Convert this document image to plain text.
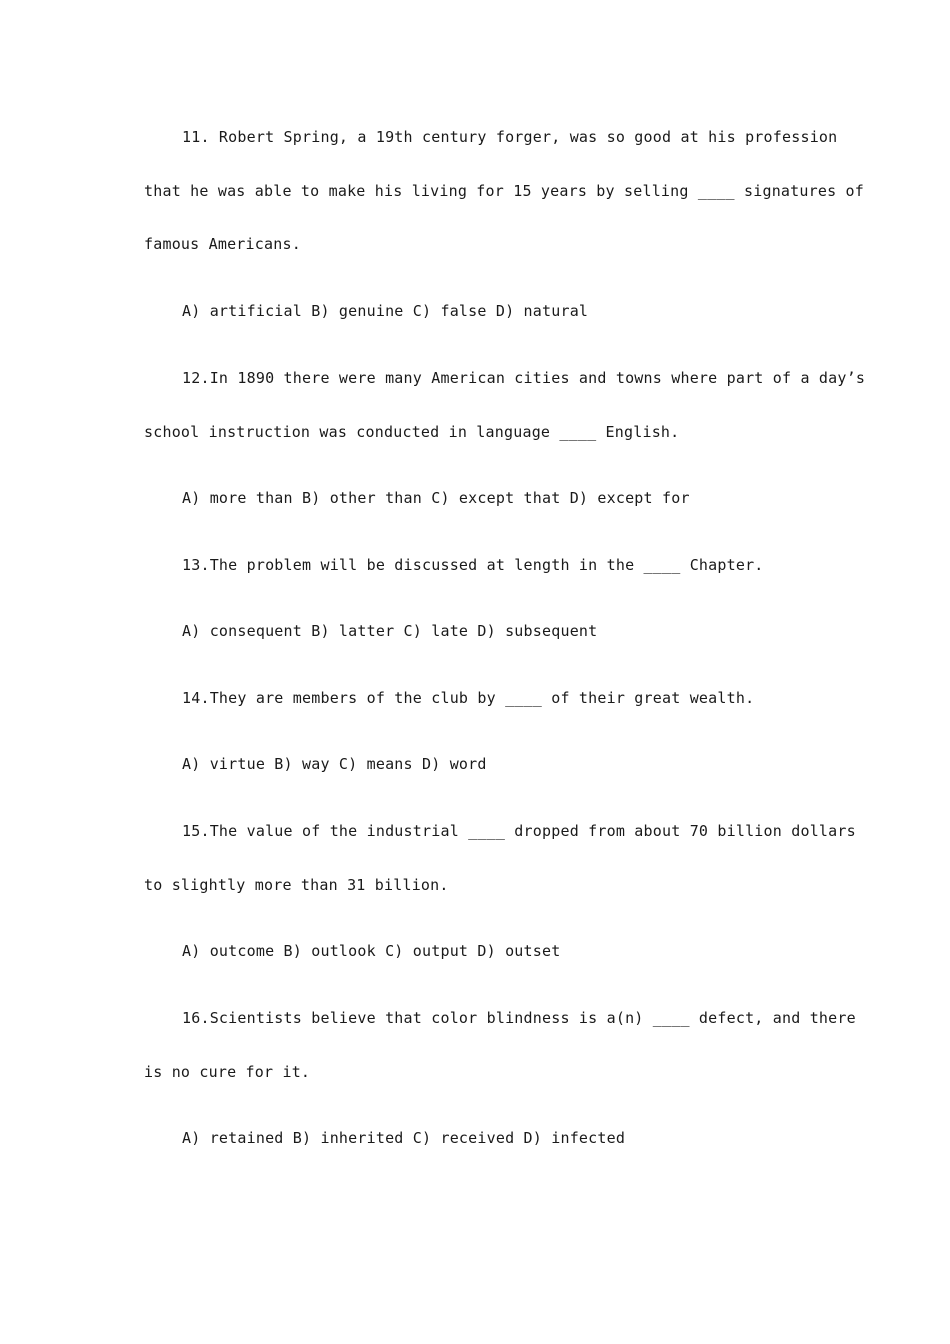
11. Robert Spring, a 19th century forger, was so good at his profession
that he was able to make his living for 15 years by selling ____ signatures of
famous Americans.
A) artificial B) genuine C) false D) natural
12.In 1890 there were many American cities and towns where part of a day’s
school instruction was conducted in language ____ English.
A) more than B) other than C) except that D) except for
13.The problem will be discussed at length in the ____ Chapter.
A) consequent B) latter C) late D) subsequent
14.They are members of the club by ____ of their great wealth.
A) virtue B) way C) means D) word
15.The value of the industrial ____ dropped from about 70 billion dollars
to slightly more than 31 billion.
A) outcome B) outlook C) output D) outset
16.Scientists believe that color blindness is a(n) ____ defect, and there
is no cure for it.
A) retained B) inherited C) received D) infected
